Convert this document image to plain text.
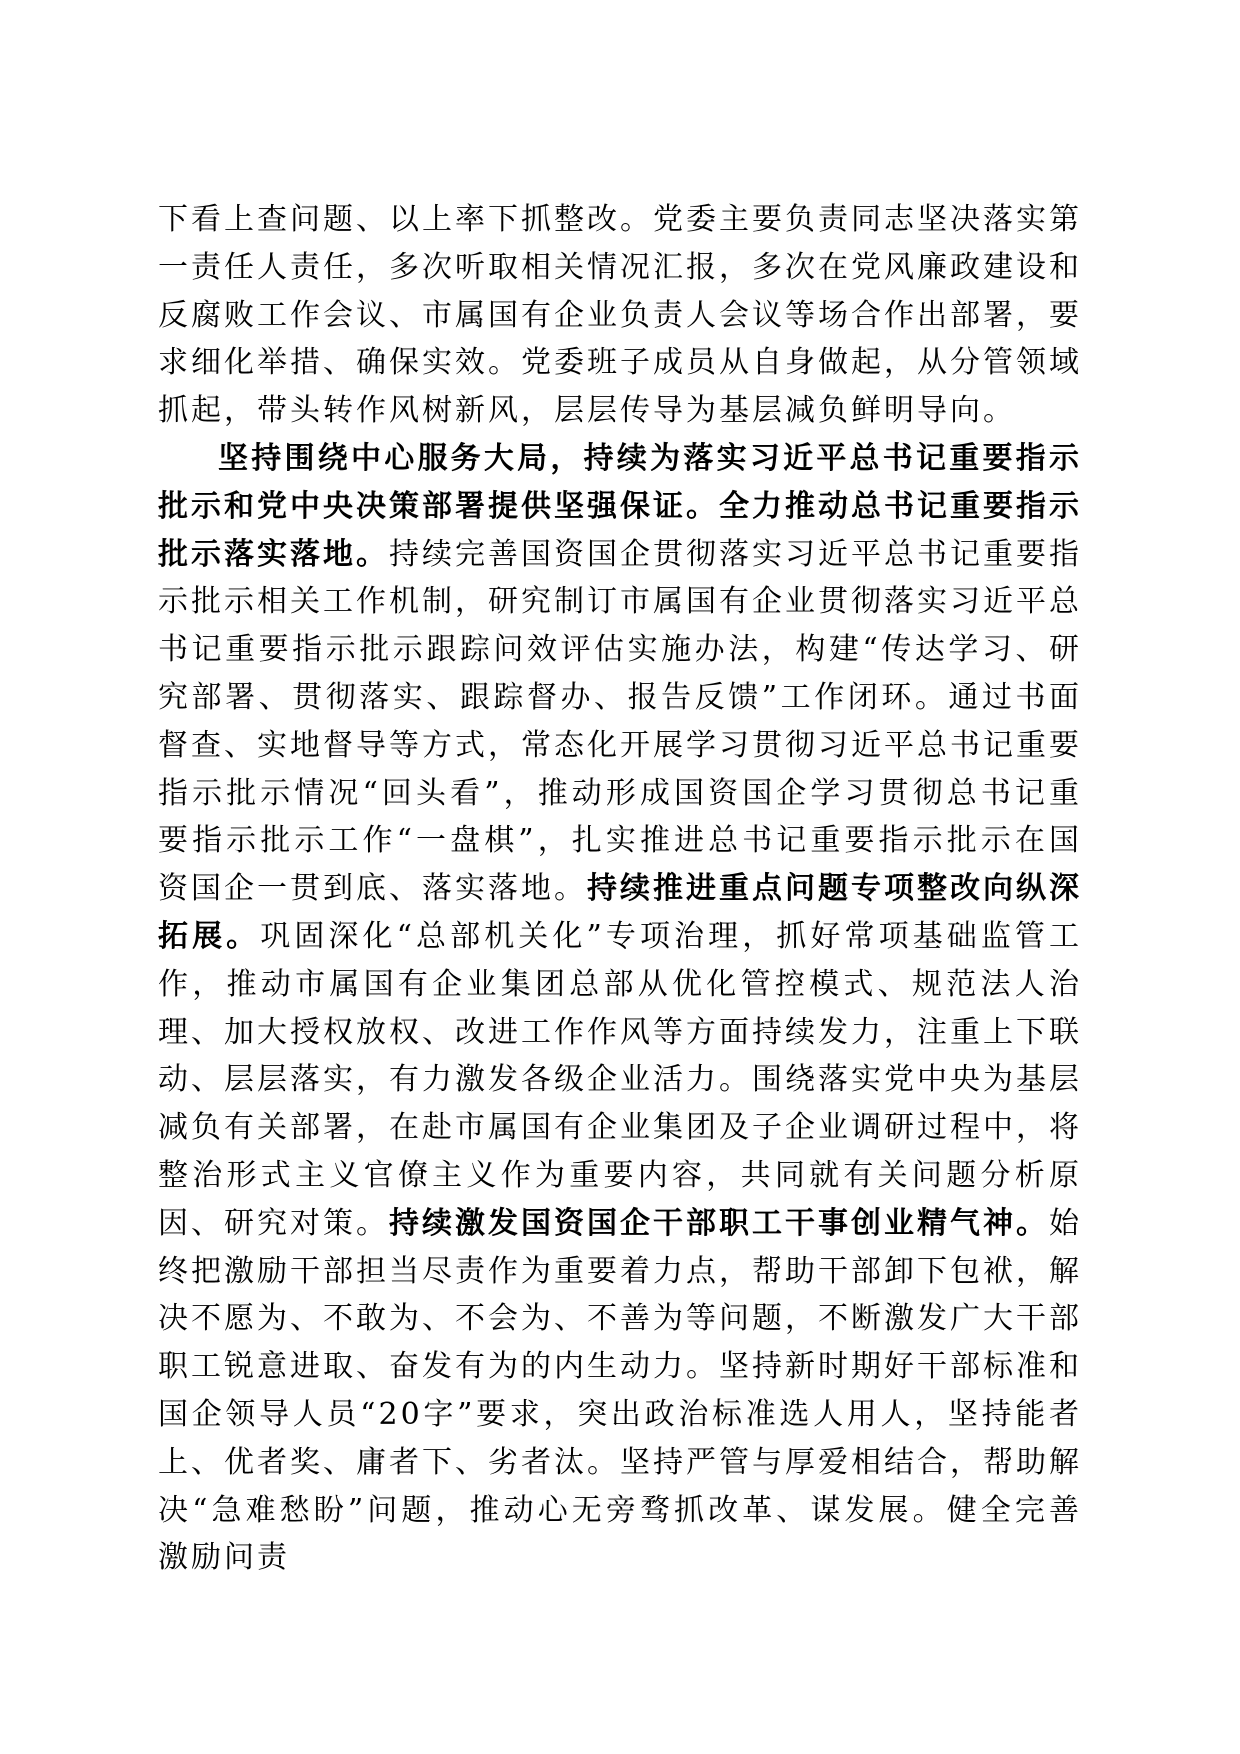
下看上查问题、以上率下抓整改。党委主要负责同志坚决落实第一责任人责任，多次听取相关情况汇报，多次在党风廉政建设和反腐败工作会议、市属国有企业负责人会议等场合作出部署，要求细化举措、确保实效。党委班子成员从自身做起，从分管领域抓起，带头转作风树新风，层层传导为基层减负鲜明导向。

坚持围绕中心服务大局，持续为落实习近平总书记重要指示批示和党中央决策部署提供坚强保证。全力推动总书记重要指示批示落实落地。持续完善国资国企贯彻落实习近平总书记重要指示批示相关工作机制，研究制订市属国有企业贯彻落实习近平总书记重要指示批示跟踪问效评估实施办法，构建“传达学习、研究部署、贯彻落实、跟踪督办、报告反馈”工作闭环。通过书面督查、实地督导等方式，常态化开展学习贯彻习近平总书记重要指示批示情况“回头看”，推动形成国资国企学习贯彻总书记重要指示批示工作“一盘棋”，扎实推进总书记重要指示批示在国资国企一贯到底、落实落地。持续推进重点问题专项整改向纵深拓展。巩固深化“总部机关化”专项治理，抓好常项基础监管工作，推动市属国有企业集团总部从优化管控模式、规范法人治理、加大授权放权、改进工作作风等方面持续发力，注重上下联动、层层落实，有力激发各级企业活力。围绕落实党中央为基层减负有关部署，在赴市属国有企业集团及子企业调研过程中，将整治形式主义官僚主义作为重要内容，共同就有关问题分析原因、研究对策。持续激发国资国企干部职工干事创业精气神。始终把激励干部担当尽责作为重要着力点，帮助干部卸下包袱，解决不愿为、不敢为、不会为、不善为等问题，不断激发广大干部职工锐意进取、奋发有为的内生动力。坚持新时期好干部标准和国企领导人员“20字”要求，突出政治标准选人用人，坚持能者上、优者奖、庸者下、劣者汰。坚持严管与厚爱相结合，帮助解决“急难愁盼”问题，推动心无旁骛抓改革、谋发展。健全完善激励问责
